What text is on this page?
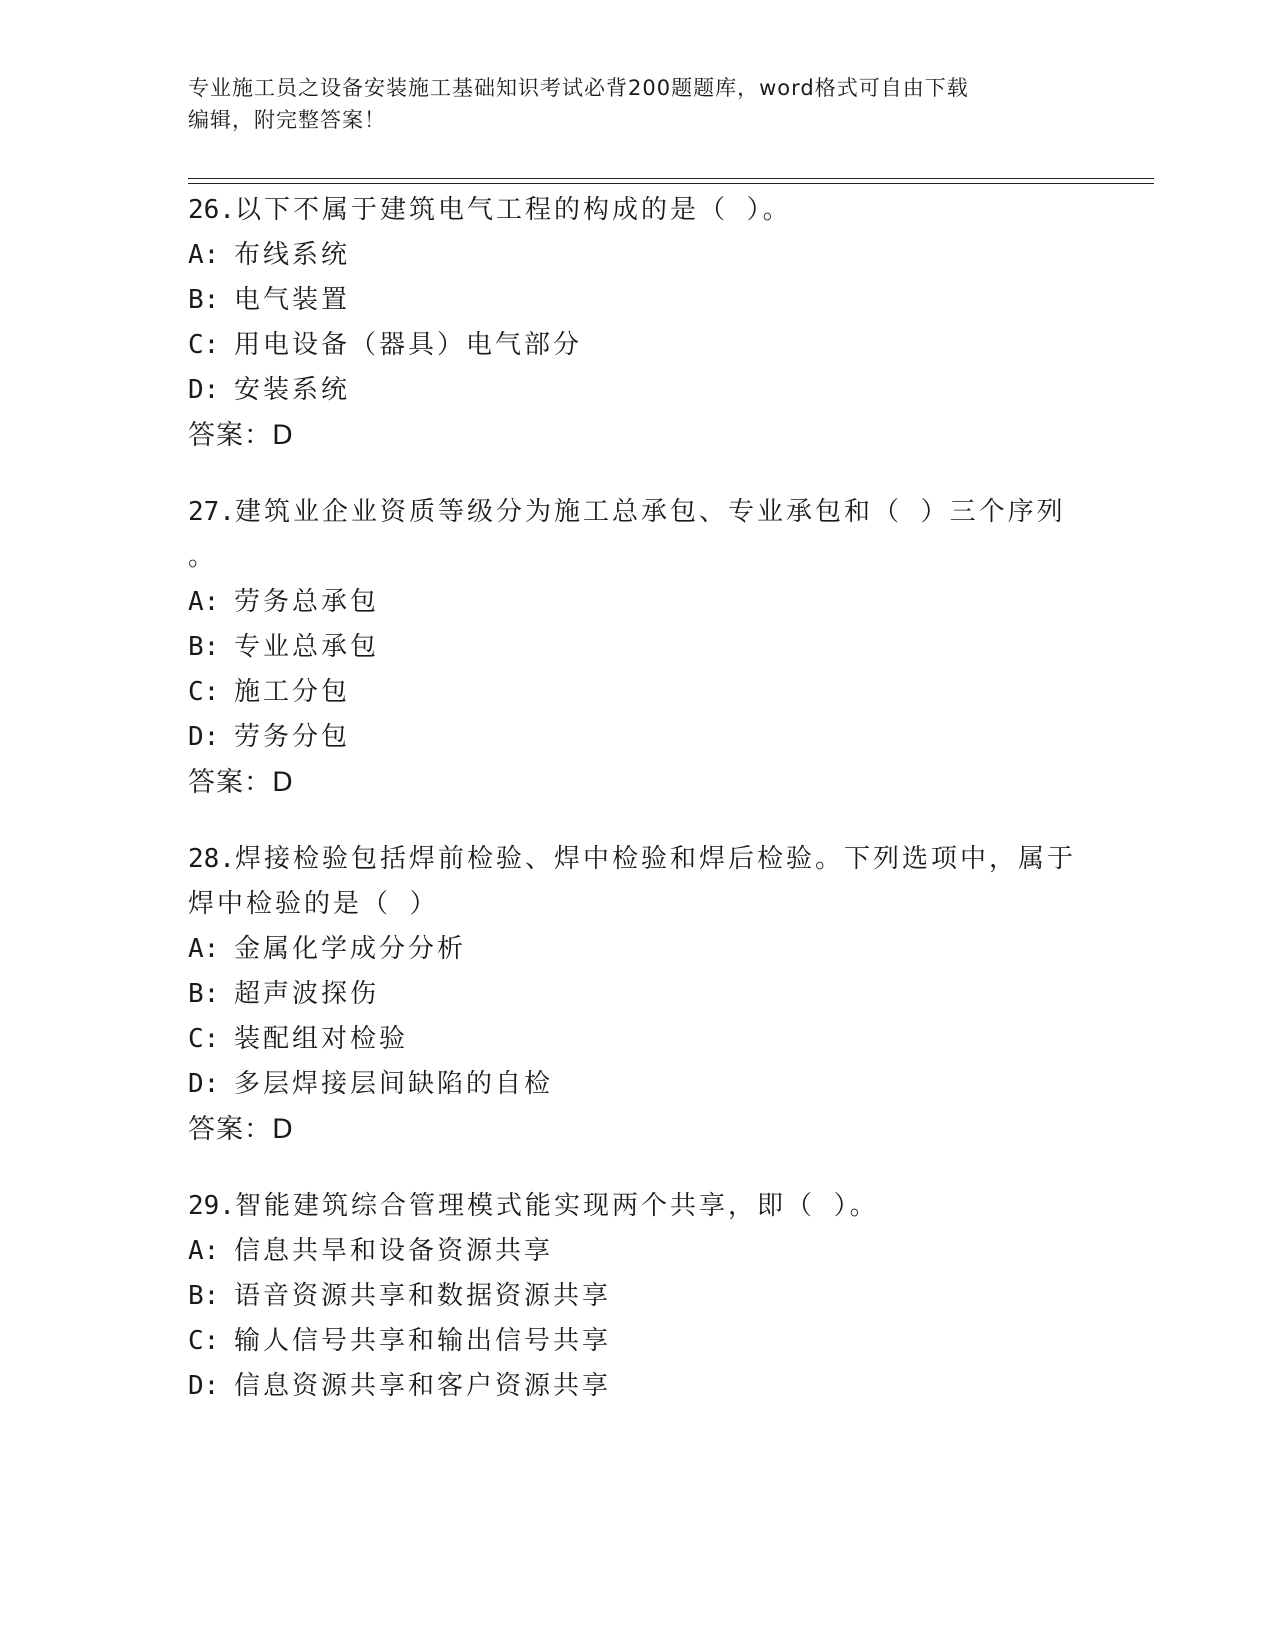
专业施工员之设备安装施工基础知识考试必背200题题库，word格式可自由下载
编辑，附完整答案！

26.以下不属于建筑电气工程的构成的是（ ）。

A: 布线系统

B: 电气装置

C: 用电设备（器具）电气部分

D: 安装系统

答案：D

27.建筑业企业资质等级分为施工总承包、专业承包和（ ）三个序列

。

A: 劳务总承包

B: 专业总承包

C: 施工分包

D: 劳务分包

答案：D

28.焊接检验包括焊前检验、焊中检验和焊后检验。下列选项中，属于

焊中检验的是（ ）

A: 金属化学成分分析

B: 超声波探伤

C: 装配组对检验

D: 多层焊接层间缺陷的自检

答案：D

29.智能建筑综合管理模式能实现两个共享，即（ ）。

A: 信息共旱和设备资源共享

B: 语音资源共享和数据资源共享

C: 输人信号共享和输出信号共享

D: 信息资源共享和客户资源共享
